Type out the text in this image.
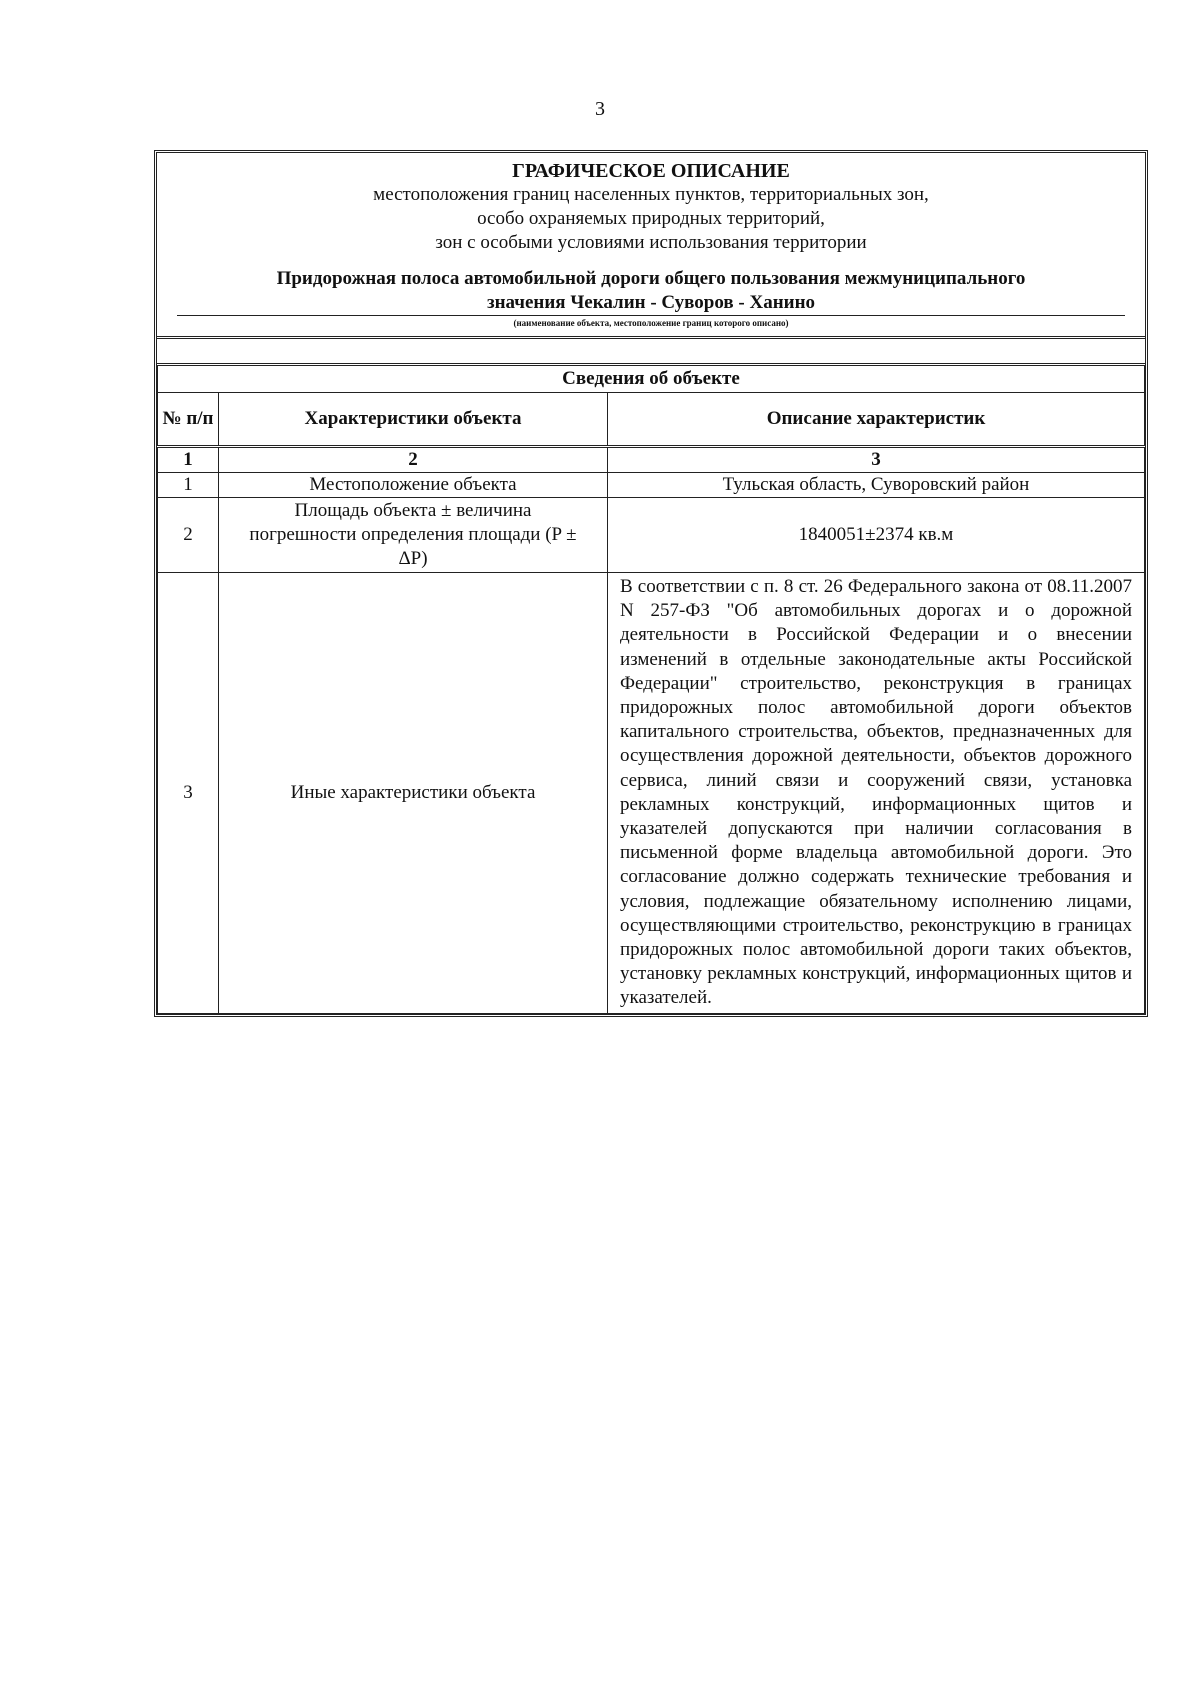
3
ГРАФИЧЕСКОЕ ОПИСАНИЕ
местоположения границ населенных пунктов, территориальных зон,
особо охраняемых природных территорий,
зон с особыми условиями использования территории
Придорожная полоса автомобильной дороги общего пользования межмуниципального
значения Чекалин - Суворов - Ханино
(наименование объекта, местоположение границ которого описано)
Сведения об объекте		
№ п/п	Характеристики объекта	Описание характеристик
1	2	3
1	Местоположение объекта	Тульская область, Суворовский район
2	Площадь объекта ± величина погрешности определения площади (P ± ΔP)	1840051±2374 кв.м
3	Иные характеристики объекта	В соответствии с п. 8 ст. 26 Федерального закона от 08.11.2007 N 257-ФЗ "Об автомобильных дорогах и о дорожной деятельности в Российской Федерации и о внесении изменений в отдельные законодательные акты Российской Федерации" строительство, реконструкция в границах придорожных полос автомобильной дороги объектов капитального строительства, объектов, предназначенных для осуществления дорожной деятельности, объектов дорожного сервиса, линий связи и сооружений связи, установка рекламных конструкций, информационных щитов и указателей допускаются при наличии согласования в письменной форме владельца автомобильной дороги. Это согласование должно содержать технические требования и условия, подлежащие обязательному исполнению лицами, осуществляющими строительство, реконструкцию в границах придорожных полос автомобильной дороги таких объектов, установку рекламных конструкций, информационных щитов и указателей.
